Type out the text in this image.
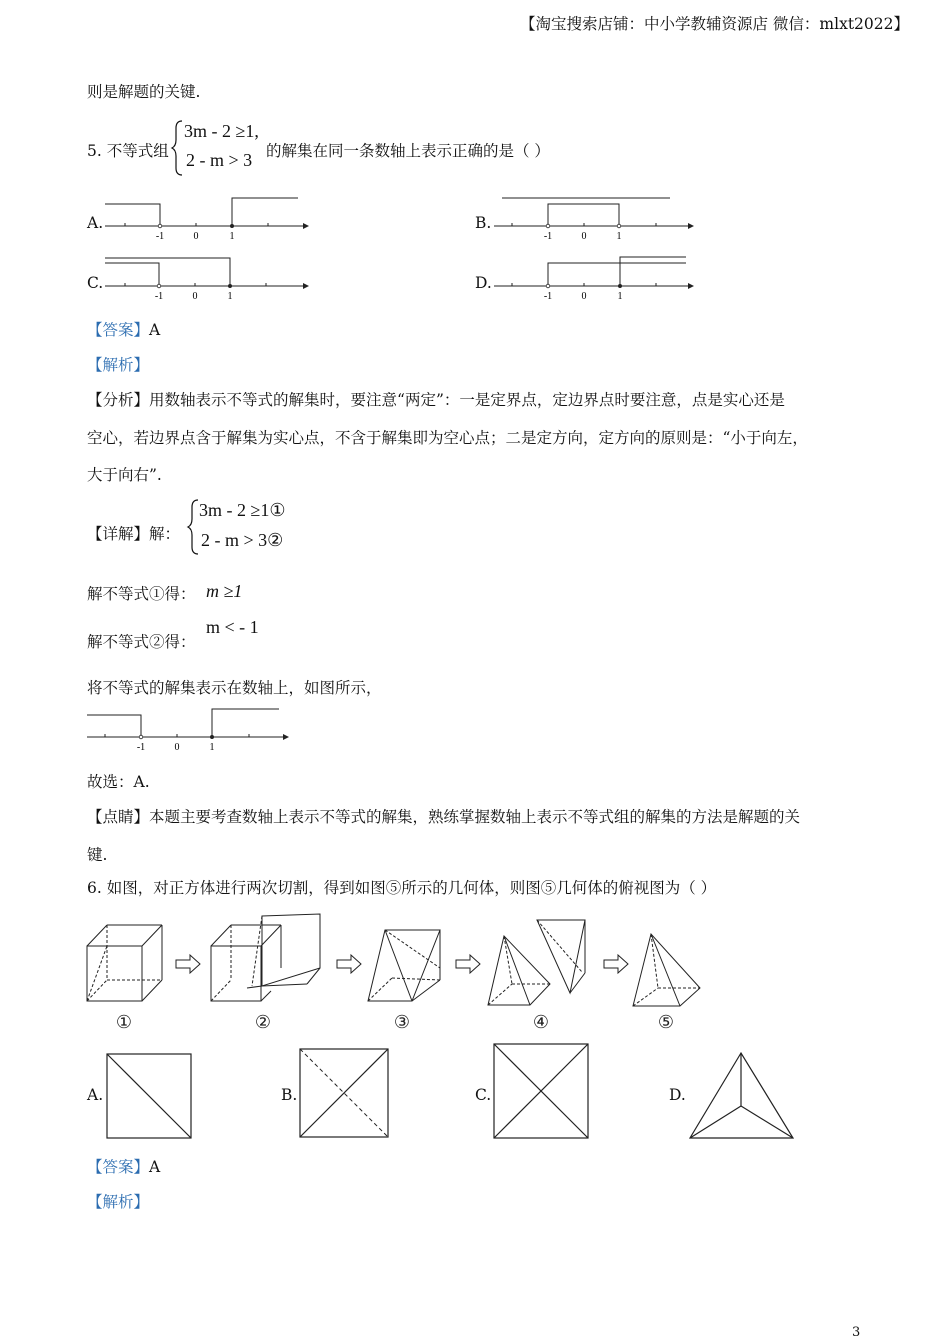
【淘宝搜索店铺：中小学教辅资源店 微信：mlxt2022】
则是解题的关键.
5. 不等式组
3m - 2 ≥1,
2 - m > 3 的解集在同一条数轴上表示正确的是（ ）
A.
-1	0	1
B.
-1	0	1
C.
-1	0	1
D.
-1	0	1
【答案】A
【解析】
【分析】用数轴表示不等式的解集时，要注意“两定”：一是定界点，定边界点时要注意，点是实心还是
空心，若边界点含于解集为实心点，不含于解集即为空心点；二是定方向，定方向的原则是：“小于向左，
大于向右”.
【详解】解：
3m - 2 ≥1①
2 - m > 3②
解不等式①得： m ≥1
解不等式②得：
m < - 1
将不等式的解集表示在数轴上，如图所示，
-1	0	1
故选：A.
【点睛】本题主要考查数轴上表示不等式的解集，熟练掌握数轴上表示不等式组的解集的方法是解题的关
键.
6. 如图，对正方体进行两次切割，得到如图⑤所示的几何体，则图⑤几何体的俯视图为（ ）
①	②	③	④	⑤
A.	B.	C.	D.
【答案】A
【解析】
3
